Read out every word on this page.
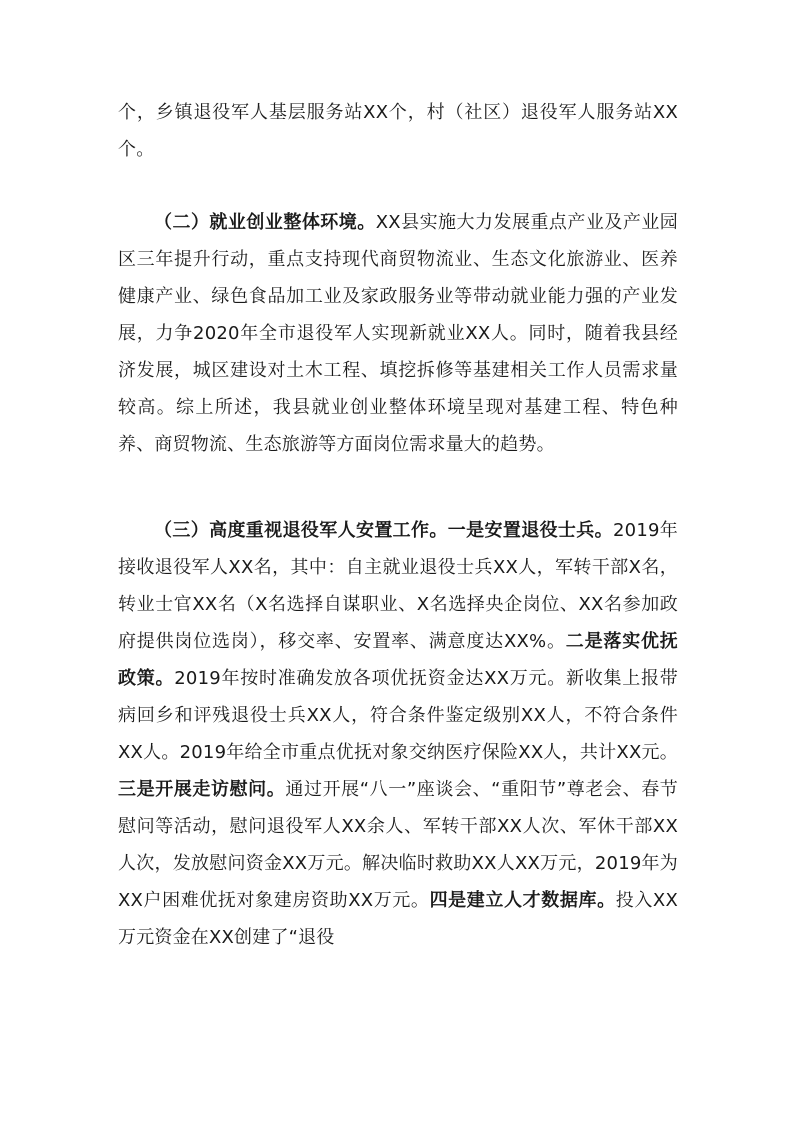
个，乡镇退役军人基层服务站XX个，村（社区）退役军人服务站XX个。

（二）就业创业整体环境。XX县实施大力发展重点产业及产业园区三年提升行动，重点支持现代商贸物流业、生态文化旅游业、医养健康产业、绿色食品加工业及家政服务业等带动就业能力强的产业发展，力争2020年全市退役军人实现新就业XX人。同时，随着我县经济发展，城区建设对土木工程、填挖拆修等基建相关工作人员需求量较高。综上所述，我县就业创业整体环境呈现对基建工程、特色种养、商贸物流、生态旅游等方面岗位需求量大的趋势。

（三）高度重视退役军人安置工作。一是安置退役士兵。2019年接收退役军人XX名，其中：自主就业退役士兵XX人，军转干部X名，转业士官XX名（X名选择自谋职业、X名选择央企岗位、XX名参加政府提供岗位选岗），移交率、安置率、满意度达XX%。二是落实优抚政策。2019年按时准确发放各项优抚资金达XX万元。新收集上报带病回乡和评残退役士兵XX人，符合条件鉴定级别XX人，不符合条件XX人。2019年给全市重点优抚对象交纳医疗保险XX人，共计XX元。三是开展走访慰问。通过开展“八一”座谈会、“重阳节”尊老会、春节慰问等活动，慰问退役军人XX余人、军转干部XX人次、军休干部XX人次，发放慰问资金XX万元。解决临时救助XX人XX万元，2019年为XX户困难优抚对象建房资助XX万元。四是建立人才数据库。投入XX万元资金在XX创建了“退役
